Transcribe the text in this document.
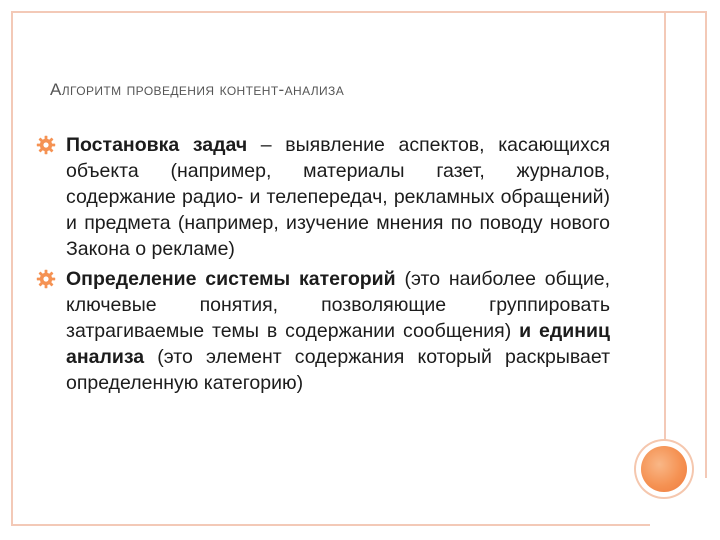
Алгоритм проведения контент-анализа
Постановка задач – выявление аспектов, касающихся объекта (например, материалы газет, журналов, содержание радио- и телепередач, рекламных обращений) и предмета (например, изучение мнения по поводу нового Закона о рекламе)
Определение системы категорий (это наиболее общие, ключевые понятия, позволяющие группировать затрагиваемые темы в содержании сообщения) и единиц анализа (это элемент содержания который раскрывает определенную категорию)
